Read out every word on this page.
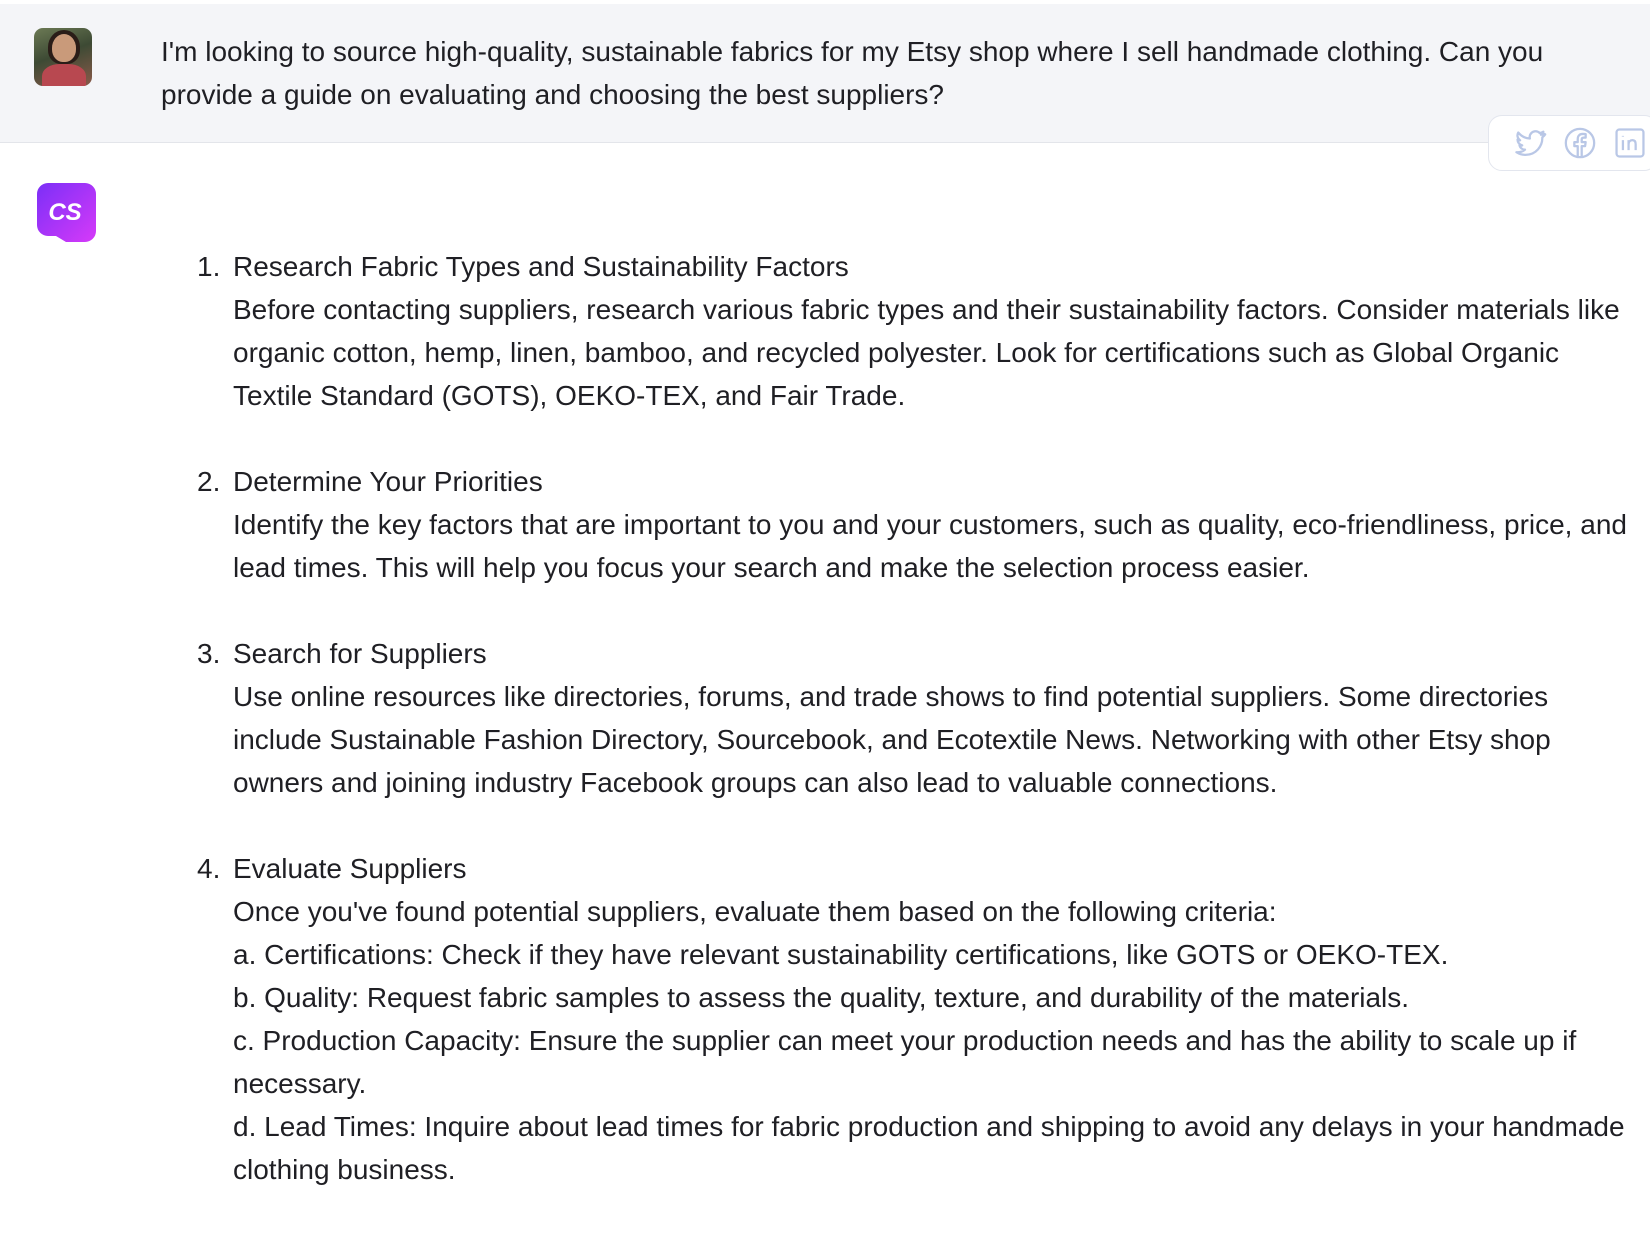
I'm looking to source high-quality, sustainable fabrics for my Etsy shop where I sell handmade clothing. Can you provide a guide on evaluating and choosing the best suppliers?
CS
1. Research Fabric Types and Sustainability Factors

Before contacting suppliers, research various fabric types and their sustainability factors. Consider materials like organic cotton, hemp, linen, bamboo, and recycled polyester. Look for certifications such as Global Organic Textile Standard (GOTS), OEKO-TEX, and Fair Trade.

2. Determine Your Priorities

Identify the key factors that are important to you and your customers, such as quality, eco-friendliness, price, and lead times. This will help you focus your search and make the selection process easier.

3. Search for Suppliers

Use online resources like directories, forums, and trade shows to find potential suppliers. Some directories include Sustainable Fashion Directory, Sourcebook, and Ecotextile News. Networking with other Etsy shop owners and joining industry Facebook groups can also lead to valuable connections.

4. Evaluate Suppliers

Once you've found potential suppliers, evaluate them based on the following criteria:

a. Certifications: Check if they have relevant sustainability certifications, like GOTS or OEKO-TEX.

b. Quality: Request fabric samples to assess the quality, texture, and durability of the materials.

c. Production Capacity: Ensure the supplier can meet your production needs and has the ability to scale up if necessary.

d. Lead Times: Inquire about lead times for fabric production and shipping to avoid any delays in your handmade clothing business.
